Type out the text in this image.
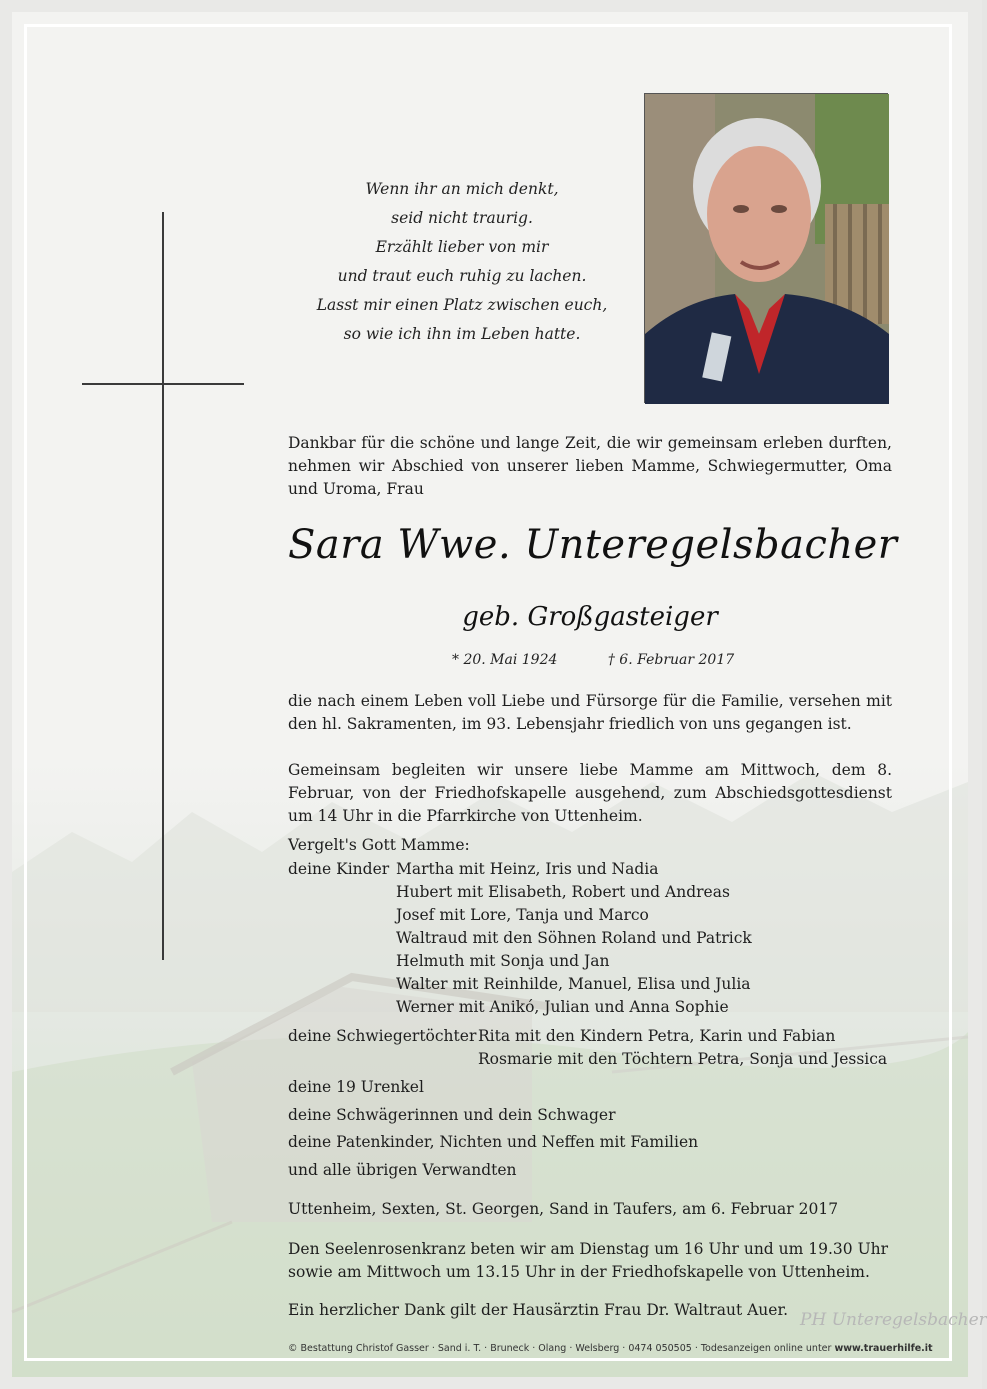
Wenn ihr an mich denkt,
seid nicht traurig.
Erzählt lieber von mir
und traut euch ruhig zu lachen.
Lasst mir einen Platz zwischen euch,
so wie ich ihn im Leben hatte.
Dankbar für die schöne und lange Zeit, die wir gemeinsam erleben durften, nehmen wir Abschied von unserer lieben Mamme, Schwiegermutter, Oma und Uroma, Frau
Sara Wwe. Unteregelsbacher
geb. Großgasteiger
* 20. Mai 1924	† 6. Februar 2017
die nach einem Leben voll Liebe und Fürsorge für die Familie, versehen mit den hl. Sakramenten, im 93. Lebensjahr friedlich von uns gegangen ist.
Gemeinsam begleiten wir unsere liebe Mamme am Mittwoch, dem 8. Februar, von der Friedhofskapelle ausgehend, zum Abschiedsgottesdienst um 14 Uhr in die Pfarrkirche von Uttenheim.
Vergelt's Gott Mamme:
deine Kinder Martha mit Heinz, Iris und Nadia
Hubert mit Elisabeth, Robert und Andreas
Josef mit Lore, Tanja und Marco
Waltraud mit den Söhnen Roland und Patrick
Helmuth mit Sonja und Jan
Walter mit Reinhilde, Manuel, Elisa und Julia
Werner mit Anikó, Julian und Anna Sophie
deine Schwiegertöchter Rita mit den Kindern Petra, Karin und Fabian
Rosmarie mit den Töchtern Petra, Sonja und Jessica
deine 19 Urenkel
deine Schwägerinnen und dein Schwager
deine Patenkinder, Nichten und Neffen mit Familien
und alle übrigen Verwandten
Uttenheim, Sexten, St. Georgen, Sand in Taufers, am 6. Februar 2017
Den Seelenrosenkranz beten wir am Dienstag um 16 Uhr und um 19.30 Uhr sowie am Mittwoch um 13.15 Uhr in der Friedhofskapelle von Uttenheim.
Ein herzlicher Dank gilt der Hausärztin Frau Dr. Waltraut Auer. PH Unteregelsbacher
© Bestattung Christof Gasser · Sand i. T. · Bruneck · Olang · Welsberg · 0474 050505 · Todesanzeigen online unter www.trauerhilfe.it
